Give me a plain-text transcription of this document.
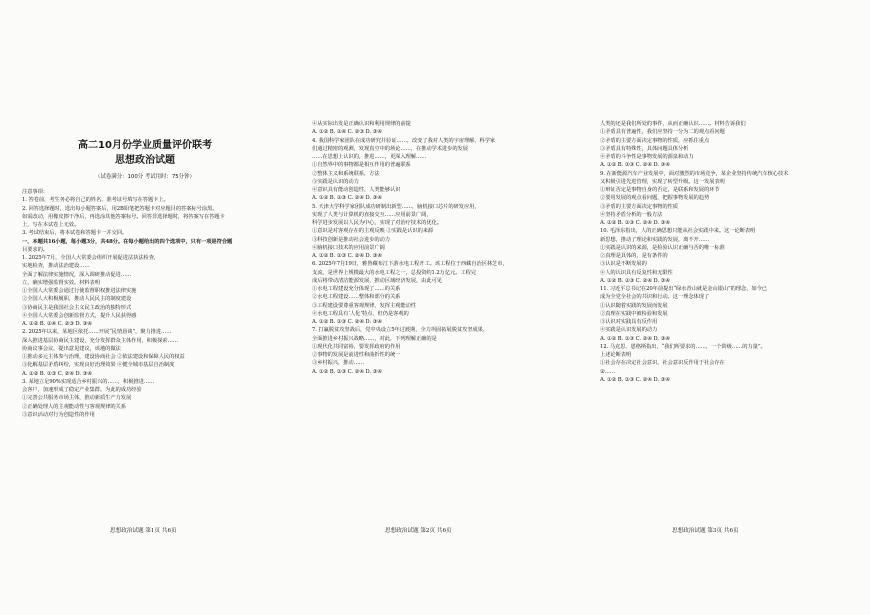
高二10月份学业质量评价联考
思想政治试题
（试卷满分：100分 考试用时：75分钟）

注意事项：

1. 答卷前，考生务必将自己的姓名、准考证号填写在答题卡上。

2. 回答选择题时，选出每小题答案后，用2B铅笔把答题卡对应题目的答案标号涂黑。

如需改动，用橡皮擦干净后，再选涂其他答案标号。回答非选择题时，将答案写在答题卡

上，写在本试卷上无效。

3. 考试结束后，将本试卷和答题卡一并交回。

一、本题共16小题，每小题3分，共48分。在每小题给出的四个选项中，只有一项是符合题

目要求的。

1. 2025年7月，全国人大常委会组织开展促进法执法检查，

实地检查，推动法治建设……

全面了解法律实施情况，深入调研推动促进……

立，确实增强监督实效。材料表明

①全国人大常委会通过行使监督职权推进法律实施

②全国人大积极履职，推动人民民主的制度建设

③协商民主是我国社会主义民主政治的独特形式

④全国人大常委会创新监督方式，提升人民获得感

A. ①② B. ①④ C. ②③ D. ③④

2. 2025年以来，某地区依托……开展“民情恳谈”，聚力推进……

深入推进基层协商民主建设，充分发挥群众主体作用，积极探索……

协商议事会议，提出意见建议，该地的做法

①推动多元主体参与治理，建设协商社会 ②依法建设和保障人民的权益

③化解基层矛盾纠纷，实现良好治理效果 ④健全城市基层自治制度

A. ①② B. ①③ C. ②④ D. ③④

3. 某地立足90%实现适合乡村振兴的……，积极推进……

会客户，加速形成了稳定产业集群。为此的成功经验

①完善公共服务市场主体，推动新质生产力发展

②正确处理人的主观能动性与客观规律的关系

③意识活动对行为创造性的作用

④从实际出发是正确认识和利用规律的前提

A. ①② B. ①④ C. ②③ D. ③④

4. 我国科学家团队在成功研究并验证……，改变了我对人类的宇宙理解，科学家

们通过精密的观测，发现真空中的场论……，在推动学术进步的发展

……在思想上认识的，推进……，更深入理解……

①自然界中的事物都是相互作用的普遍联系

②整体主义和系统联系，方法

③实践是认识的动力

④意识具有能动创造性，人类能够认识

A. ①② B. ①③ C. ②④ D. ③④

5. 天津大学科学家团队成功研制出新型……，脑机接口芯片的研发应用，

实现了人类与计算机的直接交互……应用前景广阔，

科学进步发展以人民为中心，实现了对治疗技术的优化。

①意识是对客观存在的主观反映 ②实践是认识的来源

③科技创新是推动社会进步的动力

④脑机接口技术的应用前景广阔

A. ①② B. ①③ C. ②④ D. ③④

6. 2025年7月19日，雅鲁藏布江下游水电工程开工。该工程位于西藏自治区林芝市，

支流，是世界上规模最大的水电工程之一，总投资约1.2万亿元。工程完

成后将带动清洁能源发展、推动区域经济发展，由此可见

①水电工程建设充分体现了……的关系

②水电工程建设……整体和部分的关系

③工程建设要尊重客观规律，发挥主观能动性

④水电工程具有‘人化’特点，但仍是客观的

A. ①② B. ①③ C. ②④ D. ③④

7. 打赢脱贫攻坚战后，党中央设立5年过渡期，全力巩固拓展脱贫攻坚成果，

全面推进乡村振兴战略……，对此，下列理解正确的是

①现代化共同富裕，要发挥政府的作用

②事物的发展是前进性和曲折性的统一

③乡村振兴，推动……

A. ①② B. ①③ C. ②④ D. ③④

人类的还是我们所处的事件，从而正确认识……。材料告诉我们

①矛盾具有普遍性，我们应坚持一分为二的观点看问题

②矛盾的主要方面决定事物的性质，应抓住重点

③矛盾具有特殊性，具体问题具体分析

④矛盾的斗争性是事物发展的源泉和动力

A. ①② B. ①③ C. ②④ D. ③④

9. 在新能源汽车产业发展中，面对激烈的市场竞争，某企业坚持传统汽车核心技术

又积极引进先进管理，实现了转型升级。这一发展表明

①辩证否定是事物自身的否定，是联系和发展的环节

②要用发展的观点看问题，把握事物发展的趋势

③矛盾的主要方面决定事物的性质

④坚持矛盾分析的一般方法

A. ①② B. ①③ C. ②④ D. ③④

10. 毛泽东指出，人的正确思想只能从社会实践中来。这一论断表明

新思想，推动了理论和实践的发展，离不开……

①实践是认识的来源，是检验认识正确与否的唯一标准

②真理是具体的，是有条件的

③认识是不断发展的

④人的认识具有反复性和无限性

A. ①② B. ①③ C. ②④ D. ③④

11. 习近平总书记在20年前提出“绿水青山就是金山银山”的理念，如今已

成为全党全社会的共识和行动。这一理念体现了

①认识随着实践的发展而发展

②真理在实践中被检验和发展

③认识对实践具有反作用

④实践是认识发展的动力

A. ①② B. ①③ C. ②④ D. ③④

12. 马克思、恩格斯指出，“我们所要求的……，一个阶级……的力量”。

上述论断表明

①社会存在决定社会意识，社会意识反作用于社会存在

②……

A. ①② B. ①③ C. ②④ D. ③④

思想政治试题 第1页 共6页	思想政治试题 第2页 共6页	思想政治试题 第3页 共6页
